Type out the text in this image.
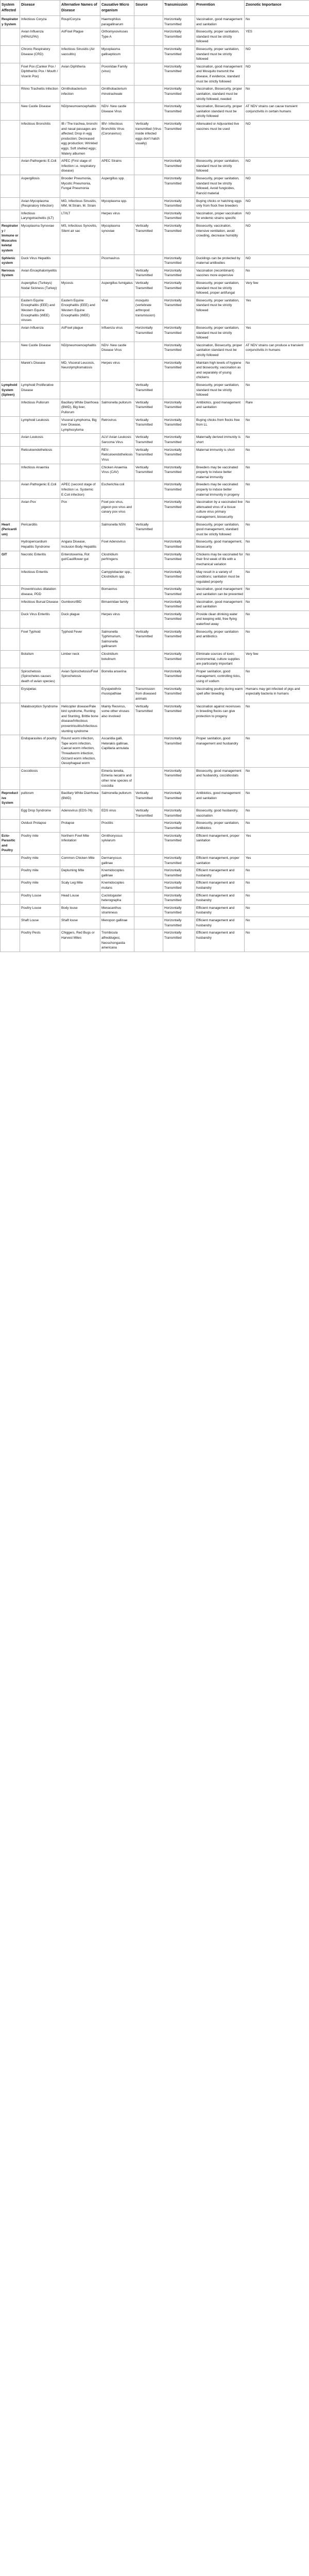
System Affected	Disease	Alternative Names of Disease	Causative Micro organism	Source	Transmission	Prevention	Zoonotic Importance
Respiratory System	Infectious Coryza	Roup/Coryza	Haemophilus paragallinarum		Horizontally Transmitted	Vaccination, good management and sanitation	No
	Avian Influenza (HPAI/LPAI)	AI/Fowl Plague	Orthomyxoviruses Type A		Horizontally Transmitted	Biosecurity, proper sanitation, standard must be strictly followed	YES
	Chronic Respiratory Disease (CRD)	Infectious Sinusitis (Air sacculitis)	Mycoplasma gallisepticum		Horizontally Transmitted	Biosecurity, proper sanitation, standard must be strictly followed	NO
	Fowl Pox (Canker Pox / Diphtheritic Pox / Mouth / Vicerin Pox)	Avian Diphtheria	Poxviridae Family (virus)		Horizontally Transmitted	Vaccination, good management and Mosquito transmit the disease, if evidence, standard must be strictly followed	NO
	Rhino Tracheitis Infection	Ornithobacterium infection	Ornithobacterium rhinotracheale		Horizontally Transmitted	Vaccination, Biosecurity, proper sanitation, standard must be strictly followed, needed	No
	New Castle Disease	ND/pneumoencephalitis	NDV- New castle Disease Virus		Horizontally Transmitted	Vaccination, Biosecurity, proper sanitation standard must be strictly followed	AT NDV strains can cause transient conjunctivitis in certain humans
	Infectious Bronchitis	IB / The trachea, bronchi and nasal passages are affected; Drop in egg production; Decreased egg production; Wrinkled eggs; Soft shelled eggs; Watery albumen	IBV- Infectious Bronchitis Virus (Coronavirus)	Vertically transmitted (Virus inside infected eggs don't hatch usually)	Horizontally Transmitted	Attenuated or Adjuvanted live vaccines must be used	NO
	Avian Pathogenic E.Coli	APEC (First stage of Infection i.e. respiratory disease)	APEC Strains		Horizontally Transmitted	Biosecurity, proper sanitation, standard must be strictly followed	NO
	Aspergillosis	Brooder Pneumonia, Mycotic Pneumonia, Fungal Pneumonia	Aspergillus spp.		Horizontally Transmitted	Biosecurity, proper sanitation, standard must be strictly followed, Avoid fungicides, Rancid material	NO
	Avian Mycoplasma (Respiratory Infection)	MG, Infectious Sinusitis, MM, M.Strain, M. Strain	Mycoplasma spp.		Horizontally Transmitted	Buying chicks or hatching eggs only from flock free breeders	NO
	Infectious Laryngotracheitis (ILT)	LT/ILT	Herpes virus		Horizontally Transmitted	Vaccination, proper vaccination for endemic strains specific	NO
Respiratory / Immune or Musculoskeletal system	Mycoplasma Synoviae	MS, Infectious Synovitis, Silent air sac	Mycoplasma synoviae	Vertically Transmitted	Horizontally Transmitted	Biosecurity, vaccination, intensive ventilation, avoid crowding, decrease humidity	NO
Sphlenic system	Duck Virus Hepatitis		Picornavirus		Horizontally Transmitted	Ducklings can be protected by maternal antibodies	NO
Nervous System	Avian Encephalomyelitis			Vertically Transmitted	Horizontally Transmitted	Vaccination (recombinant) vaccines more expensive	No
	Aspergillus (Turkeys) Nodal Sickness (Turkey)	Mycosis	Aspergillus fumigatus	Vertically Transmitted	Horizontally Transmitted	Biosecurity, proper sanitation, standard must be strictly followed, proper antifungal	Very few
	Eastern Equine Encephalitis (EEE) and Western Equine Encephalitis (WEE) viruses	Eastern Equine Encephalitis (EEE) and Western Equine Encephalitis (WEE)	Viral	mosquito (vertebrate arthropod transmission)	Horizontally Transmitted	Biosecurity, proper sanitation, standard must be strictly followed	Yes
	Avian Influenza	AI/Fowl plague	Influenza virus	Horizontally Transmitted	Horizontally Transmitted	Biosecurity, proper sanitation, standard must be strictly followed	Yes
	New Castle Disease	ND/pneumoencephalitis	NDV- New castle Disease Virus		Horizontally Transmitted	Vaccination, Biosecurity, proper sanitation standard must be strictly followed	AT NDV strains can produce a transient conjunctivitis in humans
	Marek's Disease	MD, Visceral Leucosis, Neurolymphomatosis	Herpes virus		Horizontally Transmitted	Maintain high levels of hygiene and biosecurity, vaccination as and separately of young chickens	No
Lymphoid System (Spleen)	Lymphoid Proliferative Disease			Vertically Transmitted		Biosecurity, proper sanitation, standard must be strictly followed	No
	Infectious Pullorum	Bacillary White Diarrhoea (BWD), Big liver, Pullorum	Salmonella pullorum	Vertically Transmitted	Horizontally Transmitted	Antibiotics, good management and sanitation	Rare
	Lymphoid Leukosis	Visceral Lymphoma, Big liver Disease, Lymphocytoma	Retrovirus	Vertically Transmitted	Horizontally Transmitted	Buying chicks from flocks free from LL	No
	Avian Leukosis		ALV/ Avian Leukosis Sarcoma Virus	Vertically Transmitted	Horizontally Transmitted	Maternally derived immunity is short	No
	Reticuloendotheliosis		REV- Reticuloendotheliosis Virus	Vertically Transmitted	Horizontally Transmitted	Maternal immunity is short	No
	Infectious Anaemia		Chicken Anaemia Virus (CAV)	Vertically Transmitted	Horizontally Transmitted	Breeders may be vaccinated properly to induce better maternal immunity	No
	Avian Pathogenic E.Coli	APEC (second stage of Infection i.e. Systemic E.Coli infection)	Escherichia coli		Horizontally Transmitted	Breeders may be vaccinated properly to induce better maternal immunity in progeny	No
	Avian Pox	Pox	Fowl pox virus, pigeon pox virus and canary pox virus		Horizontally Transmitted	Vaccination by a vaccinated live attenuated virus of a tissue culture virus primary management, biosecurity	No
Heart (Pericardium)	Pericarditis		Salmonella NSN	Vertically Transmitted		Biosecurity, proper sanitation, good management, standard must be strictly followed	No
	Hydropericardium Hepatitis Syndrome	Angara Disease, Inclusion Body Hepatitis	Fowl Adenovirus		Horizontally Transmitted	Biosecurity, good management, biosecurity	No
GIT	Necrotic Enteritis	Enterotoxemia, Rot gut/Cauliflower gut	Clostridium perfringens		Horizontally Transmitted	Chickens may be vaccinated for their first week of life with a mechanical variation	No
	Infectious Enteritis		Campylobacter spp., Clostridium spp.		Horizontally Transmitted	May result in a variety of conditions; sanitation must be regulated properly	No
	Proventriculus dilatation disease, PDD		Bornavirus		Horizontally Transmitted	Vaccination, good management and sanitation can be prevented	No
	Infectious Bursal Disease	Gumboro/IBD	Birnaviridae family		Horizontally Transmitted	Vaccination, good management and sanitation	No
	Duck Virus Enteritis	Duck plague	Herpes virus		Horizontally Transmitted	Provide clean drinking water and keeping wild, free flying waterfowl away	No
	Fowl Typhoid	Typhoid Fever	Salmonella Typhimurium, Salmonella gallinarum	Vertically Transmitted	Horizontally Transmitted	Biosecurity, proper sanitation and antibiotics	No
	Botulism	Limber neck	Clostridium botulinum		Horizontally Transmitted	Eliminate sources of toxin; enviromental, culture supplies are particularly important	Very few
	Spirochetosis (Spirochetes causes death of avian species)	Avian Spirochetosis/Fowl Spirochetosis	Borrelia anserina		Horizontally Transmitted	Proper sanitation, good management, controlling ticks, using of sodium	No
	Erysipelas		Erysipelothrix rhusiopathiae	Transmission from diseased animals	Horizontally Transmitted	Vaccinating poultry during warm spell after breeding	Humans may get infected of pigs and especially bacteria in humans
	Malabsorption Syndrome	Helicopter disease/Pale bird syndrome, Runting and Stunting, Brittle bone disease/Infectious proventriculitis/Infectious stunting syndrome	Mainly Reovirus, some other viruses also involved	Vertically Transmitted	Horizontally Transmitted	Vaccination against reoviruses in breeding flocks can give protection to progeny	No
	Endoparasites of poultry	Round worm infection, Tape worm infection, Caecal worm infection, Threadworm infection, Gizzard worm infection, Oesophageal worm	Ascaridia galli, Heterakis gallinae, Capillaria annulata		Horizontally Transmitted	Proper sanitation, good management and husbandry	No
	Coccidiosis		Eimeria tenella, Eimeria necatrix and other nine species of coccidia		Horizontally Transmitted	Biosecurity, good management and husbandry, coccidiostats	No
Reproductive System	pullorum	Bacillary White Diarrhoea (BWD)	Salmonella pullorum	Vertically Transmitted	Horizontally Transmitted	Antibiotics, good management and sanitation	No
	Egg Drop Syndrome	Adenovirus (EDS-76)	EDS virus	Vertically Transmitted	Horizontally Transmitted	Biosecurity, good husbandry, vaccination	No
	Oviduct Prolapse	Prolapse	Proctitis		Horizontally Transmitted	Biosecurity, proper sanitation, Antibiotics	No
Ecto-Parasitic and Poultry	Poultry mite	Northern Fowl Mite Infestation	Ornithonyssus sylviarum		Horizontally Transmitted	Efficient management, proper sanitation	Yes
	Poultry mite	Common Chicken Mite	Dermanyssus gallinae		Horizontally Transmitted	Efficient management, proper sanitation	Yes
	Poultry mite	Depluming Mite	Knemidocoptes gallinae		Horizontally Transmitted	Efficient management and husbandry	No
	Poultry mite	Scaly Leg Mite	Knemidocoptes mutans		Horizontally Transmitted	Efficient management and husbandry	No
	Poultry Louse	Head Louse	Cuclotogaster heterographa		Horizontally Transmitted	Efficient management and husbandry	No
	Poultry Louse	Body louse	Menacanthus stramineus		Horizontally Transmitted	Efficient management and husbandry	No
	Shaft Louse	Shaft louse	Menopon gallinae		Horizontally Transmitted	Efficient management and husbandry	No
	Poultry Pests	Chiggers, Red Bugs or Harvest Mites	Trombicula alfreddugesi, Neoschongastia americana		Horizontally Transmitted	Efficient management and husbandry	No
